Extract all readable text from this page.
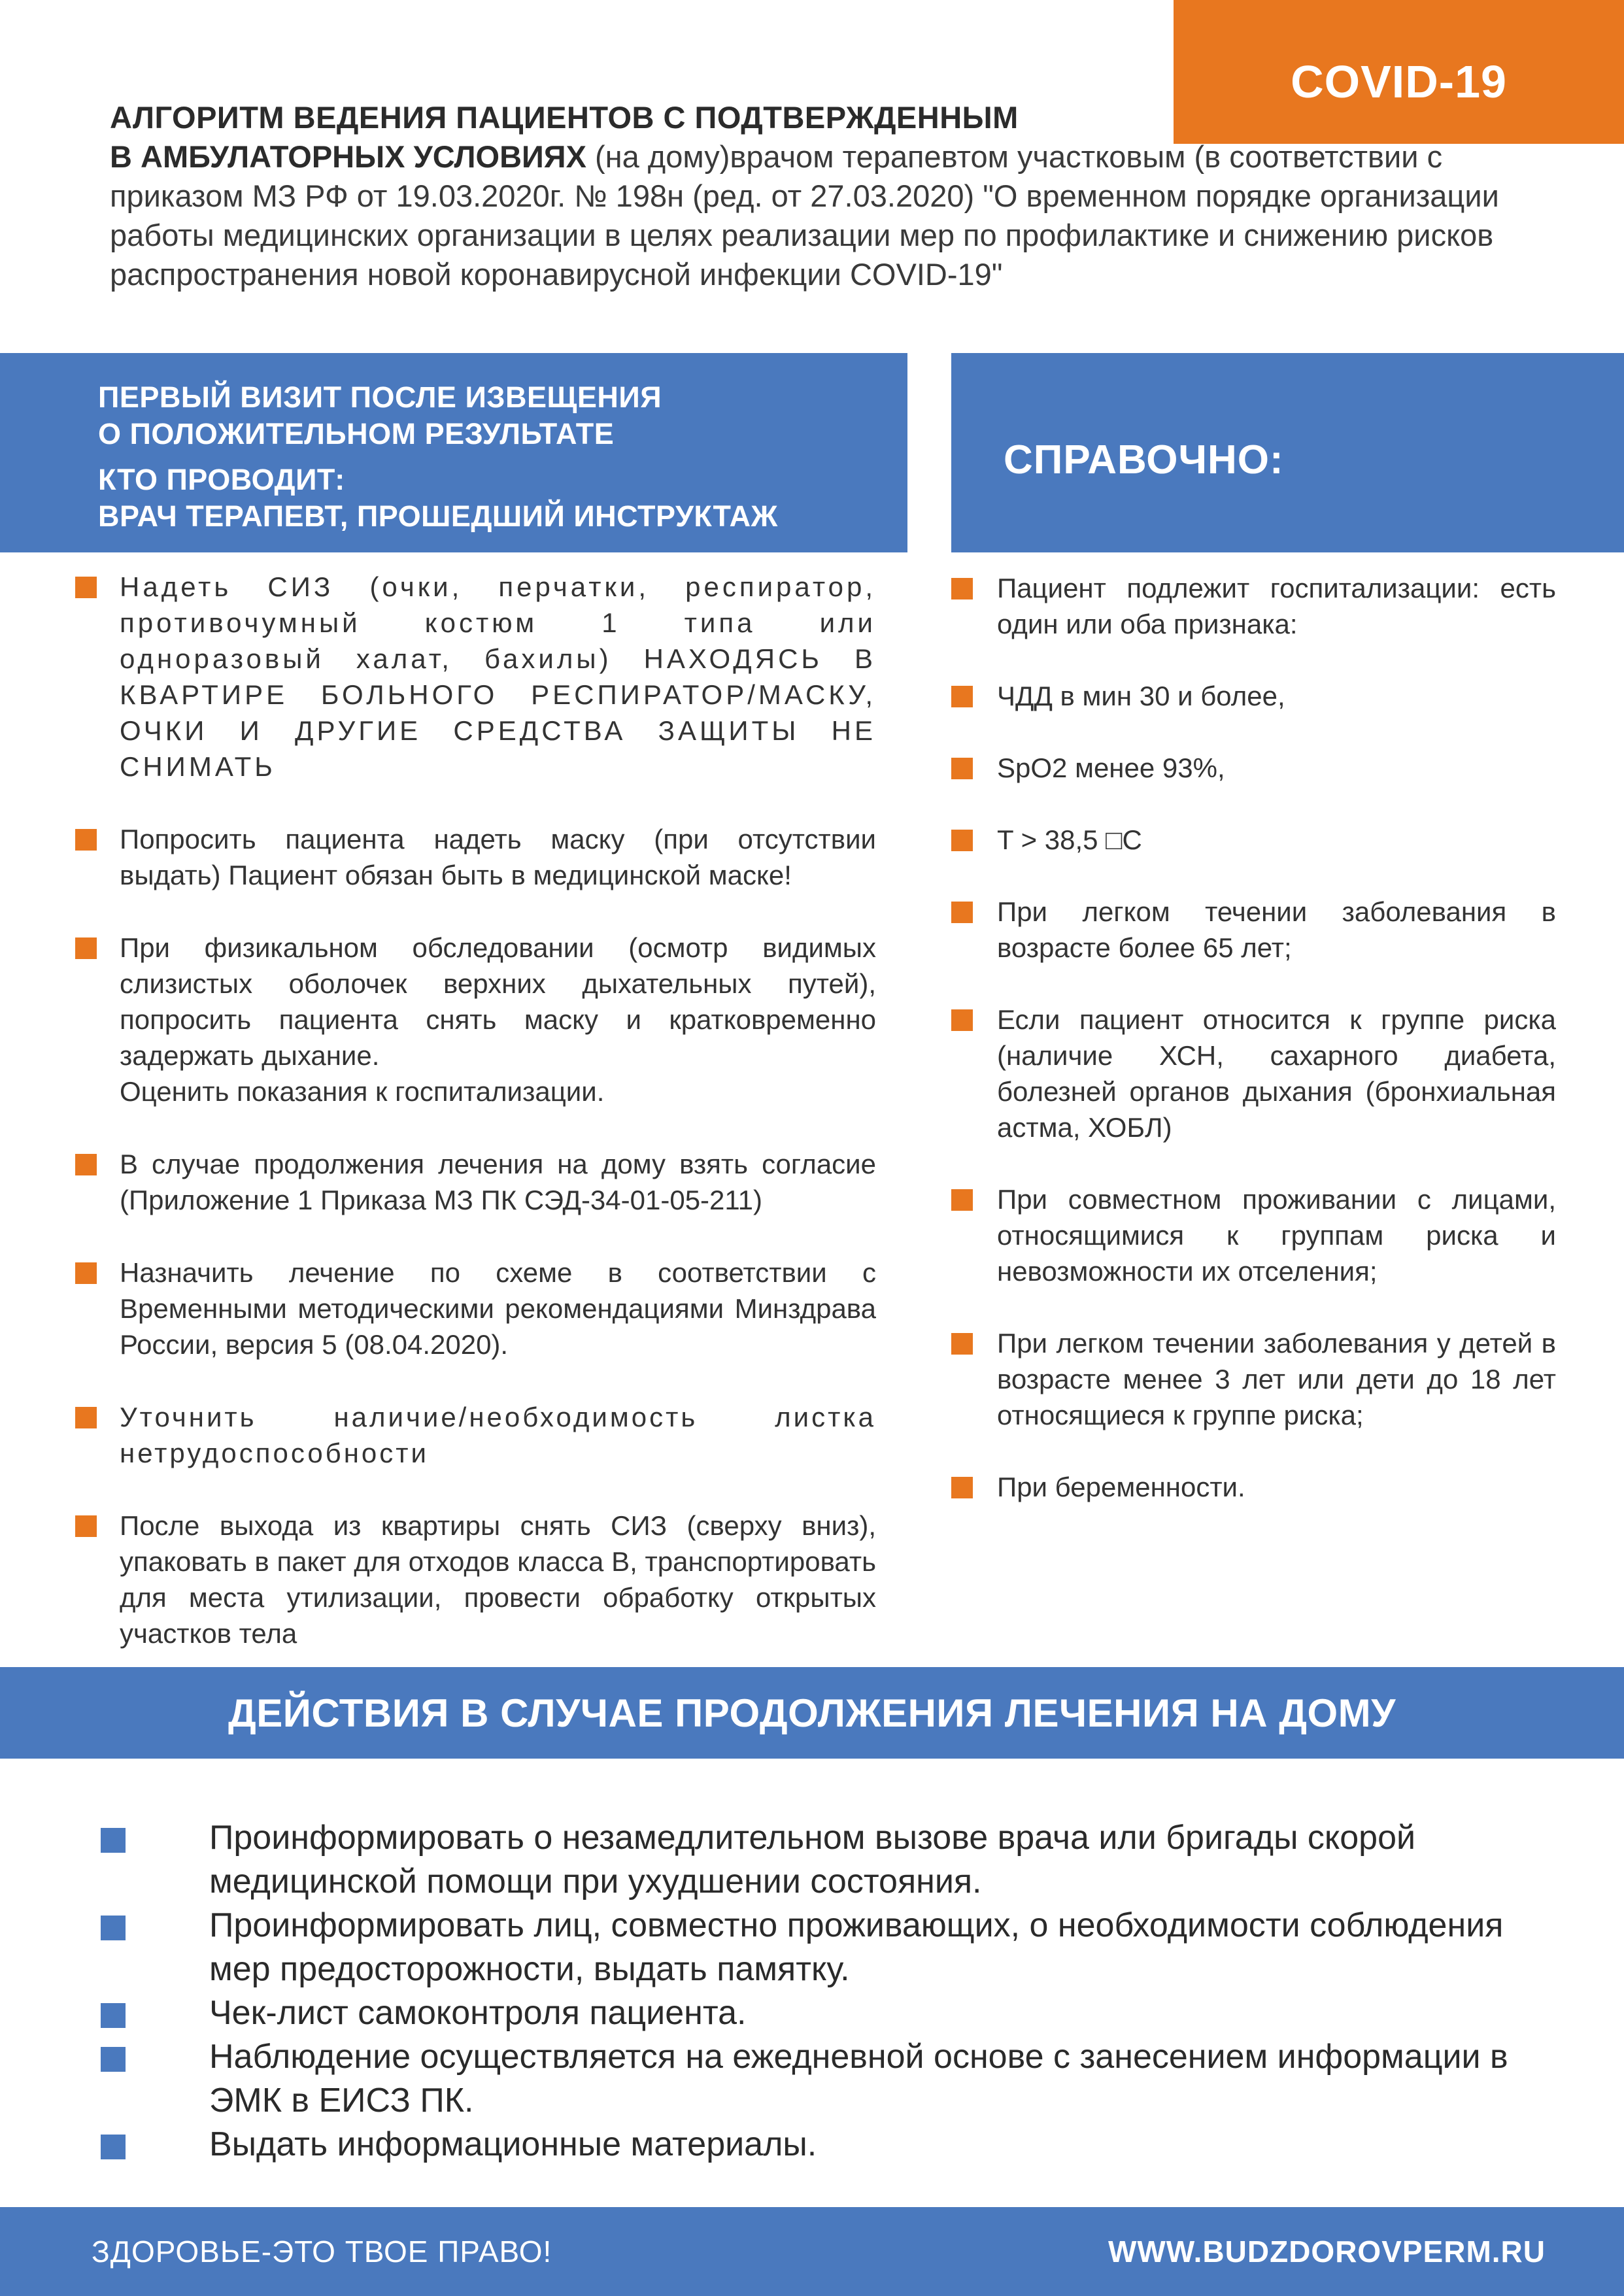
COVID-19
АЛГОРИТМ ВЕДЕНИЯ ПАЦИЕНТОВ С ПОДТВЕРЖДЕННЫМ
В АМБУЛАТОРНЫХ УСЛОВИЯХ (на дому)врачом терапевтом участковым (в соответствии с приказом МЗ РФ от 19.03.2020г. № 198н (ред. от 27.03.2020) "О временном порядке организации работы медицинских организации в целях реализации мер по профилактике и снижению рисков распространения новой коронавирусной инфекции COVID-19"
ПЕРВЫЙ ВИЗИТ ПОСЛЕ ИЗВЕЩЕНИЯ
О ПОЛОЖИТЕЛЬНОМ РЕЗУЛЬТАТЕ
КТО ПРОВОДИТ:
ВРАЧ ТЕРАПЕВТ, ПРОШЕДШИЙ ИНСТРУКТАЖ
СПРАВОЧНО:
Надеть СИЗ (очки, перчатки, респиратор, противочумный костюм 1 типа или одноразовый халат, бахилы) НАХОДЯСЬ В КВАРТИРЕ БОЛЬНОГО РЕСПИРАТОР/МАСКУ, ОЧКИ И ДРУГИЕ СРЕДСТВА ЗАЩИТЫ НЕ СНИМАТЬ
Попросить пациента надеть маску (при отсутствии выдать) Пациент обязан быть в медицинской маске!
При физикальном обследовании (осмотр видимых слизистых оболочек верхних дыхательных путей), попросить пациента снять маску и кратковременно задержать дыхание.
Оценить показания к госпитализации.
В случае продолжения лечения на дому взять согласие (Приложение 1 Приказа МЗ ПК СЭД-34-01-05-211)
Назначить лечение по схеме в соответствии с Временными методическими рекомендациями Минздрава России, версия 5 (08.04.2020).
Уточнить наличие/необходимость листка нетрудоспособности
После выхода из квартиры снять СИЗ (сверху вниз), упаковать в пакет для отходов класса В, транспортировать для места утилизации, провести обработку открытых участков тела
Пациент подлежит госпитализации: есть один или оба признака:
ЧДД в мин 30 и более,
SpO2 менее 93%,
T > 38,5 □С
При легком течении заболевания в возрасте более 65 лет;
Если пациент относится к группе риска (наличие ХСН, сахарного диабета, болезней органов дыхания (бронхиальная астма, ХОБЛ)
При совместном проживании с лицами, относящимися к группам риска и невозможности их отселения;
При легком течении заболевания у детей в возрасте менее 3 лет или дети до 18 лет относящиеся к группе риска;
При беременности.
ДЕЙСТВИЯ В СЛУЧАЕ ПРОДОЛЖЕНИЯ ЛЕЧЕНИЯ НА ДОМУ
Проинформировать о незамедлительном вызове врача или бригады скорой медицинской помощи при ухудшении состояния.
Проинформировать лиц, совместно проживающих, о необходимости соблюдения мер предосторожности, выдать памятку.
Чек-лист самоконтроля пациента.
Наблюдение осуществляется на ежедневной основе с занесением информации в ЭМК в ЕИСЗ ПК.
Выдать информационные материалы.
ЗДОРОВЬЕ-ЭТО ТВОЕ ПРАВО!	WWW.BUDZDOROVPERM.RU
